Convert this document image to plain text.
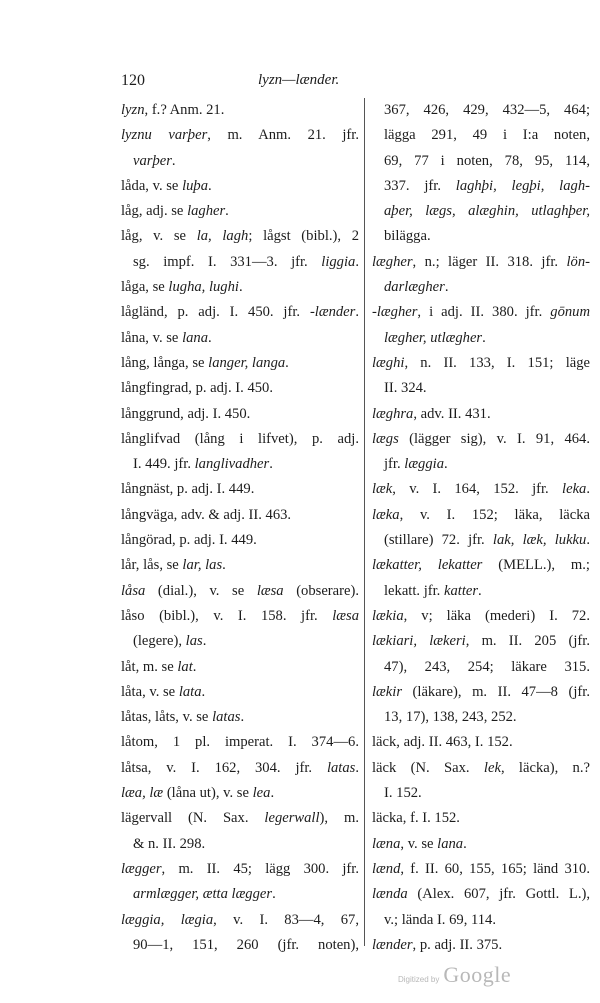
120	lyzn—lænder.
lyzn, f.? Anm. 21.
lyznu varþer, m. Anm. 21. jfr.
varþer.
låda, v. se luþa.
låg, adj. se lagher.
låg, v. se la, lagh; lågst (bibl.), 2
sg. impf. I. 331—3. jfr. liggia.
låga, se lugha, lughi.
lågländ, p. adj. I. 450. jfr. -lænder.
låna, v. se lana.
lång, långa, se langer, langa.
långfingrad, p. adj. I. 450.
långgrund, adj. I. 450.
långlifvad (lång i lifvet), p. adj.
I. 449. jfr. langlivadher.
långnäst, p. adj. I. 449.
långväga, adv. & adj. II. 463.
långörad, p. adj. I. 449.
lår, lås, se lar, las.
låsa (dial.), v. se læsa (obserare).
låso (bibl.), v. I. 158. jfr. læsa
(legere), las.
låt, m. se lat.
låta, v. se lata.
låtas, låts, v. se latas.
låtom, 1 pl. imperat. I. 374—6.
låtsa, v. I. 162, 304. jfr. latas.
læa, læ (låna ut), v. se lea.
lägervall (N. Sax. legerwall), m.
& n. II. 298.
lægger, m. II. 45; lägg 300. jfr.
armlægger, ætta lægger.
læggia, lægia, v. I. 83—4, 67,
90—1, 151, 260 (jfr. noten),
367, 426, 429, 432—5, 464;
lägga 291, 49 i I:a noten,
69, 77 i noten, 78, 95, 114,
337. jfr. laghþi, legþi, lagh-
aþer, lægs, alæghin, utlaghþer,
bilägga.
lægher, n.; läger II. 318. jfr. lön-
darlægher.
-lægher, i adj. II. 380. jfr. gōnum
lægher, utlægher.
læghi, n. II. 133, I. 151; läge
II. 324.
læghra, adv. II. 431.
lægs (lägger sig), v. I. 91, 464.
jfr. læggia.
læk, v. I. 164, 152. jfr. leka.
læka, v. I. 152; läka, läcka
(stillare) 72. jfr. lak, læk, lukku.
lækatter, lekatter (MELL.), m.;
lekatt. jfr. katter.
lækia, v; läka (mederi) I. 72.
lækiari, lækeri, m. II. 205 (jfr.
47), 243, 254; läkare 315.
lækir (läkare), m. II. 47—8 (jfr.
13, 17), 138, 243, 252.
läck, adj. II. 463, I. 152.
läck (N. Sax. lek, läcka), n.?
I. 152.
läcka, f. I. 152.
læna, v. se lana.
lænd, f. II. 60, 155, 165; länd 310.
lænda (Alex. 607, jfr. Gottl. L.),
v.; lända I. 69, 114.
lænder, p. adj. II. 375.
Digitized by Google
